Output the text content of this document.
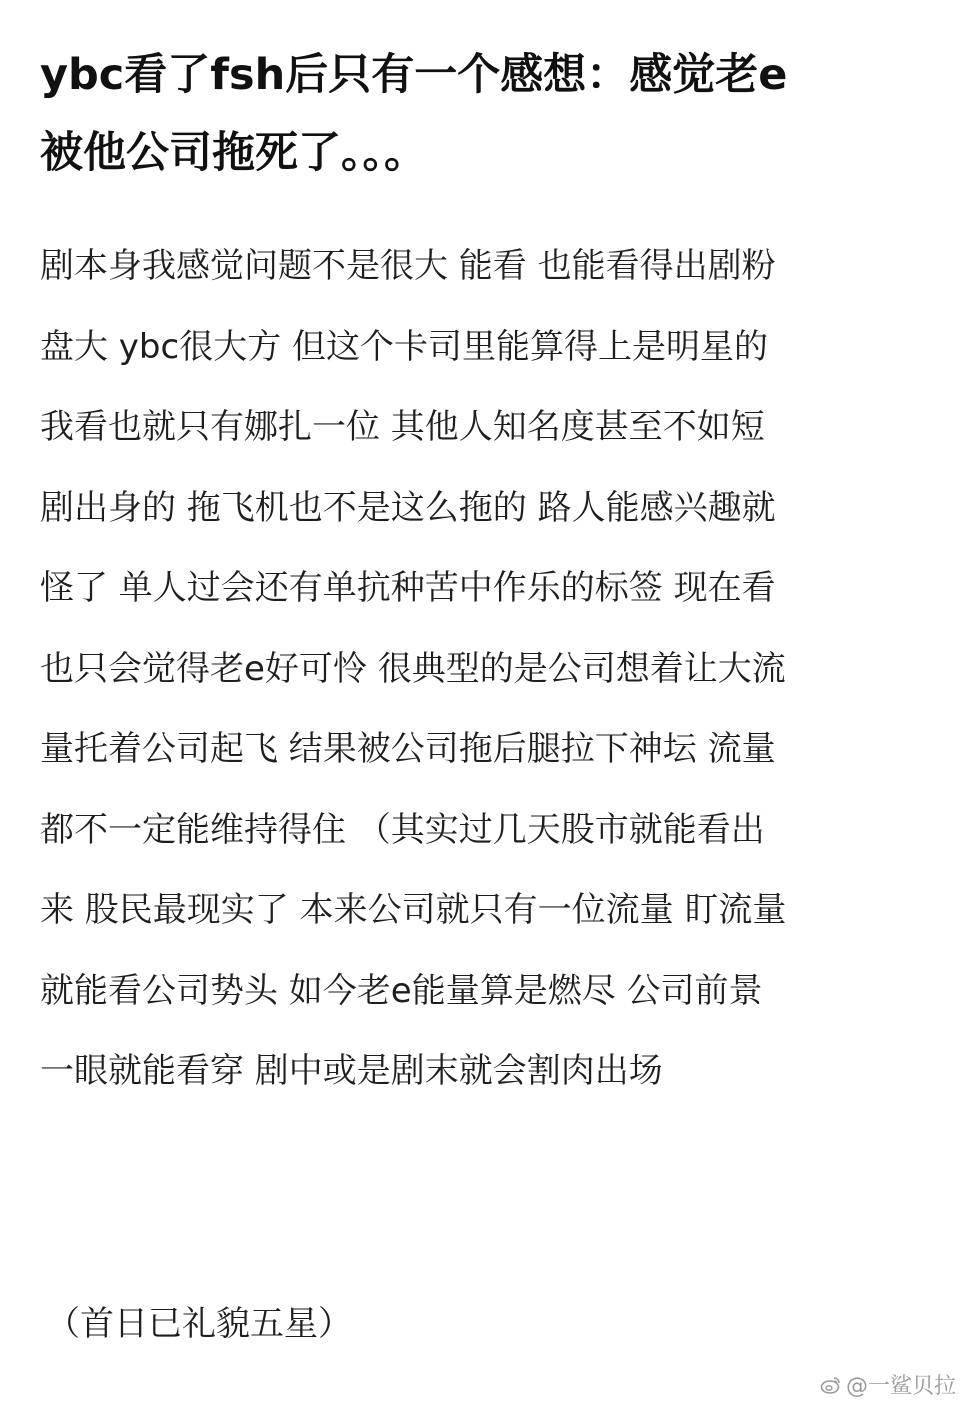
ybc看了fsh后只有一个感想：感觉老e
被他公司拖死了。。。
剧本身我感觉问题不是很大 能看 也能看得出剧粉
盘大 ybc很大方 但这个卡司里能算得上是明星的
我看也就只有娜扎一位 其他人知名度甚至不如短
剧出身的 拖飞机也不是这么拖的 路人能感兴趣就
怪了 单人过会还有单抗种苦中作乐的标签 现在看
也只会觉得老e好可怜 很典型的是公司想着让大流
量托着公司起飞 结果被公司拖后腿拉下神坛 流量
都不一定能维持得住 （其实过几天股市就能看出
来 股民最现实了 本来公司就只有一位流量 盯流量
就能看公司势头 如今老e能量算是燃尽 公司前景
一眼就能看穿 剧中或是剧末就会割肉出场
（首日已礼貌五星）
@一鲨贝拉
